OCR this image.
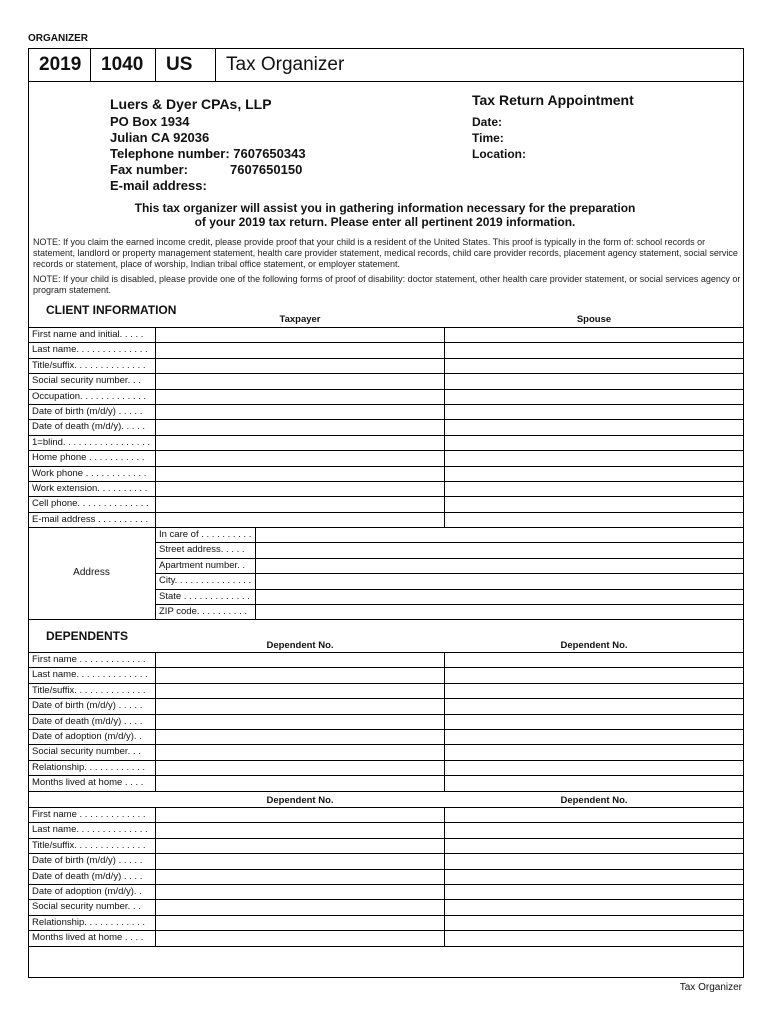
ORGANIZER
2019	1040	US	Tax Organizer
Luers & Dyer CPAs, LLP
PO Box 1934
Julian CA 92036
Telephone number: 7607650343
Fax number:	7607650150
E-mail address:
Tax Return Appointment
Date:
Time:
Location:
This tax organizer will assist you in gathering information necessary for the preparation
of your 2019 tax return. Please enter all pertinent 2019 information.
NOTE: If you claim the earned income credit, please provide proof that your child is a resident of the United States. This proof is typically in the form of: school records or statement, landlord or property management statement, health care provider statement, medical records, child care provider records, placement agency statement, social service records or statement, place of worship, Indian tribal office statement, or employer statement.
NOTE: If your child is disabled, please provide one of the following forms of proof of disability: doctor statement, other health care provider statement, or social services agency or program statement.
CLIENT INFORMATION
Taxpayer	Spouse
First name and initial. . . . .
Last name. . . . . . . . . . . . . .
Title/suffix. . . . . . . . . . . . . .
Social security number. . .
Occupation. . . . . . . . . . . . .
Date of birth (m/d/y) . . . . .
Date of death (m/d/y). . . . .
1=blind. . . . . . . . . . . . . . . . .
Home phone . . . . . . . . . . .
Work phone . . . . . . . . . . . .
Work extension. . . . . . . . . .
Cell phone. . . . . . . . . . . . . .
E-mail address . . . . . . . . . .
Address
In care of . . . . . . . . . .
Street address. . . . .
Apartment number. .
City. . . . . . . . . . . . . . .
State . . . . . . . . . . . . .
ZIP code. . . . . . . . . .
DEPENDENTS
Dependent No.	Dependent No.
First name . . . . . . . . . . . . .
Last name. . . . . . . . . . . . . .
Title/suffix. . . . . . . . . . . . . .
Date of birth (m/d/y) . . . . .
Date of death (m/d/y) . . . .
Date of adoption (m/d/y). .
Social security number. . .
Relationship. . . . . . . . . . . .
Months lived at home . . . .
Dependent No.	Dependent No.
First name . . . . . . . . . . . . .
Last name. . . . . . . . . . . . . .
Title/suffix. . . . . . . . . . . . . .
Date of birth (m/d/y) . . . . .
Date of death (m/d/y) . . . .
Date of adoption (m/d/y). .
Social security number. . .
Relationship. . . . . . . . . . . .
Months lived at home . . . .
Tax Organizer
